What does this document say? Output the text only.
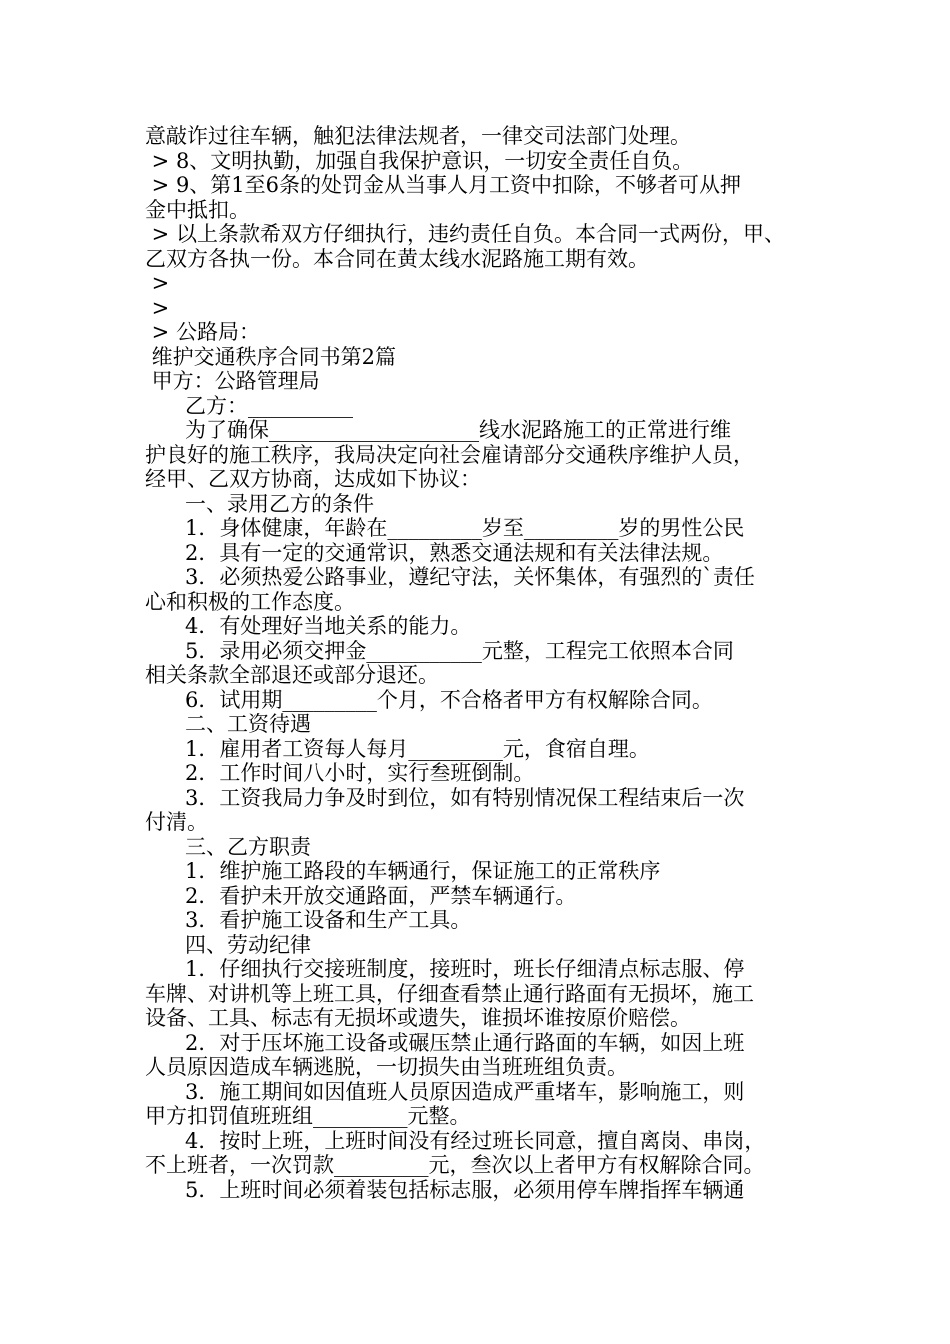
意敲诈过往车辆，触犯法律法规者，一律交司法部门处理。
> 8、文明执勤，加强自我保护意识，一切安全责任自负。
> 9、第1至6条的处罚金从当事人月工资中扣除，不够者可从押
金中抵扣。
> 以上条款希双方仔细执行，违约责任自负。本合同一式两份，甲、
乙双方各执一份。本合同在黄太线水泥路施工期有效。
>
>
> 公路局：
维护交通秩序合同书第2篇
甲方：公路管理局
乙方：__________
为了确保____________________线水泥路施工的正常进行维
护良好的施工秩序，我局决定向社会雇请部分交通秩序维护人员，
经甲、乙双方协商，达成如下协议：
一、录用乙方的条件
1．身体健康，年龄在_________岁至_________岁的男性公民
2．具有一定的交通常识，熟悉交通法规和有关法律法规。
3．必须热爱公路事业，遵纪守法，关怀集体，有强烈的`责任
心和积极的工作态度。
4．有处理好当地关系的能力。
5．录用必须交押金___________元整，工程完工依照本合同
相关条款全部退还或部分退还。
6．试用期_________个月，不合格者甲方有权解除合同。
二、工资待遇
1．雇用者工资每人每月_________元，食宿自理。
2．工作时间八小时，实行叁班倒制。
3．工资我局力争及时到位，如有特别情况保工程结束后一次
付清。
三、乙方职责
1．维护施工路段的车辆通行，保证施工的正常秩序
2．看护未开放交通路面，严禁车辆通行。
3．看护施工设备和生产工具。
四、劳动纪律
1．仔细执行交接班制度，接班时，班长仔细清点标志服、停
车牌、对讲机等上班工具，仔细查看禁止通行路面有无损坏，施工
设备、工具、标志有无损坏或遗失，谁损坏谁按原价赔偿。
2．对于压坏施工设备或碾压禁止通行路面的车辆，如因上班
人员原因造成车辆逃脱，一切损失由当班班组负责。
3．施工期间如因值班人员原因造成严重堵车，影响施工，则
甲方扣罚值班班组_________元整。
4．按时上班，上班时间没有经过班长同意，擅自离岗、串岗，
不上班者，一次罚款_________元，叁次以上者甲方有权解除合同。
5．上班时间必须着装包括标志服，必须用停车牌指挥车辆通
